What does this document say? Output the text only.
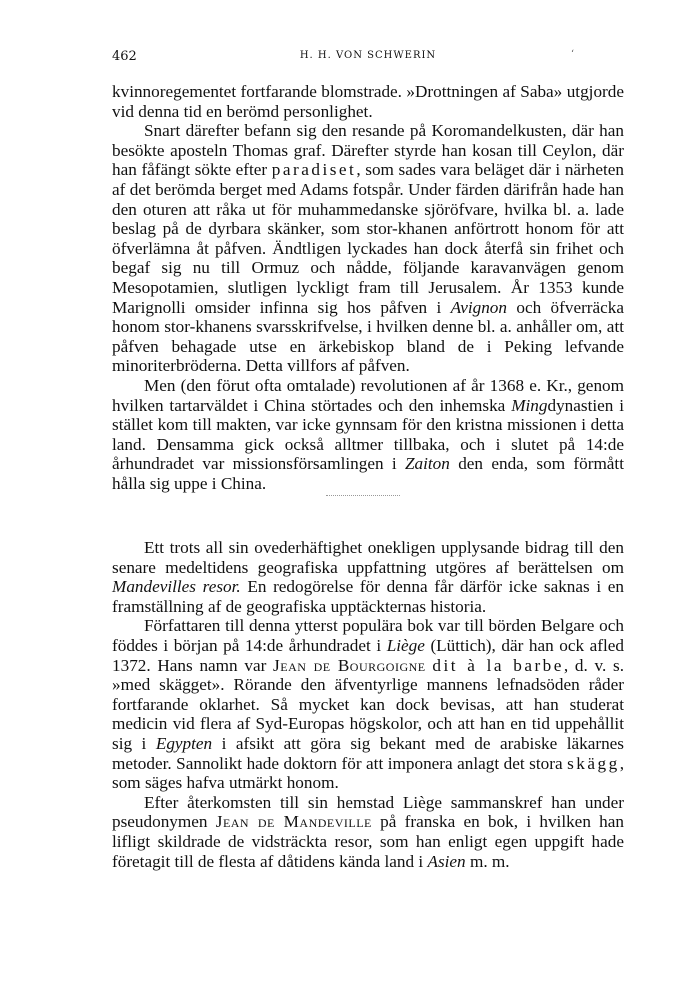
462	H. H. VON SCHWERIN	‘

kvinnoregementet fortfarande blomstrade. »Drottningen af Saba» utgjorde vid denna tid en berömd personlighet.

Snart därefter befann sig den resande på Koromandelkusten, där han besökte aposteln Thomas graf. Därefter styrde han kosan till Ceylon, där han fåfängt sökte efter paradiset, som sades vara beläget där i närheten af det berömda berget med Adams fotspår. Under färden därifrån hade han den oturen att råka ut för muhammedanske sjöröfvare, hvilka bl. a. lade beslag på de dyrbara skänker, som stor-khanen anförtrott honom för att öfverlämna åt påfven. Ändtligen lyckades han dock återfå sin frihet och begaf sig nu till Ormuz och nådde, följande karavanvägen genom Mesopotamien, slutligen lyckligt fram till Jerusalem. År 1353 kunde Marignolli omsider infinna sig hos påfven i Avignon och öfverräcka honom stor-khanens svarsskrifvelse, i hvilken denne bl. a. anhåller om, att påfven behagade utse en ärkebiskop bland de i Peking lefvande minoriterbröderna. Detta villfors af påfven.

Men (den förut ofta omtalade) revolutionen af år 1368 e. Kr., genom hvilken tartarväldet i China störtades och den inhemska Mingdynastien i stället kom till makten, var icke gynnsam för den kristna missionen i detta land. Densamma gick också alltmer tillbaka, och i slutet på 14:de århundradet var missionsförsamlingen i Zaiton den enda, som förmått hålla sig uppe i China.

Ett trots all sin ovederhäftighet onekligen upplysande bidrag till den senare medeltidens geografiska uppfattning utgöres af berättelsen om Mandevilles resor. En redogörelse för denna får därför icke saknas i en framställning af de geografiska upptäckternas historia.

Författaren till denna ytterst populära bok var till börden Belgare och föddes i början på 14:de århundradet i Liège (Lüttich), där han ock afled 1372. Hans namn var Jean de Bourgoigne dit à la barbe, d. v. s. »med skägget». Rörande den äfventyrlige mannens lefnadsöden råder fortfarande oklarhet. Så mycket kan dock bevisas, att han studerat medicin vid flera af Syd-Europas högskolor, och att han en tid uppehållit sig i Egypten i afsikt att göra sig bekant med de arabiske läkarnes metoder. Sannolikt hade doktorn för att imponera anlagt det stora skägg, som säges hafva utmärkt honom.

Efter återkomsten till sin hemstad Liège sammanskref han under pseudonymen Jean de Mandeville på franska en bok, i hvilken han lifligt skildrade de vidsträckta resor, som han enligt egen uppgift hade företagit till de flesta af dåtidens kända land i Asien m. m.
